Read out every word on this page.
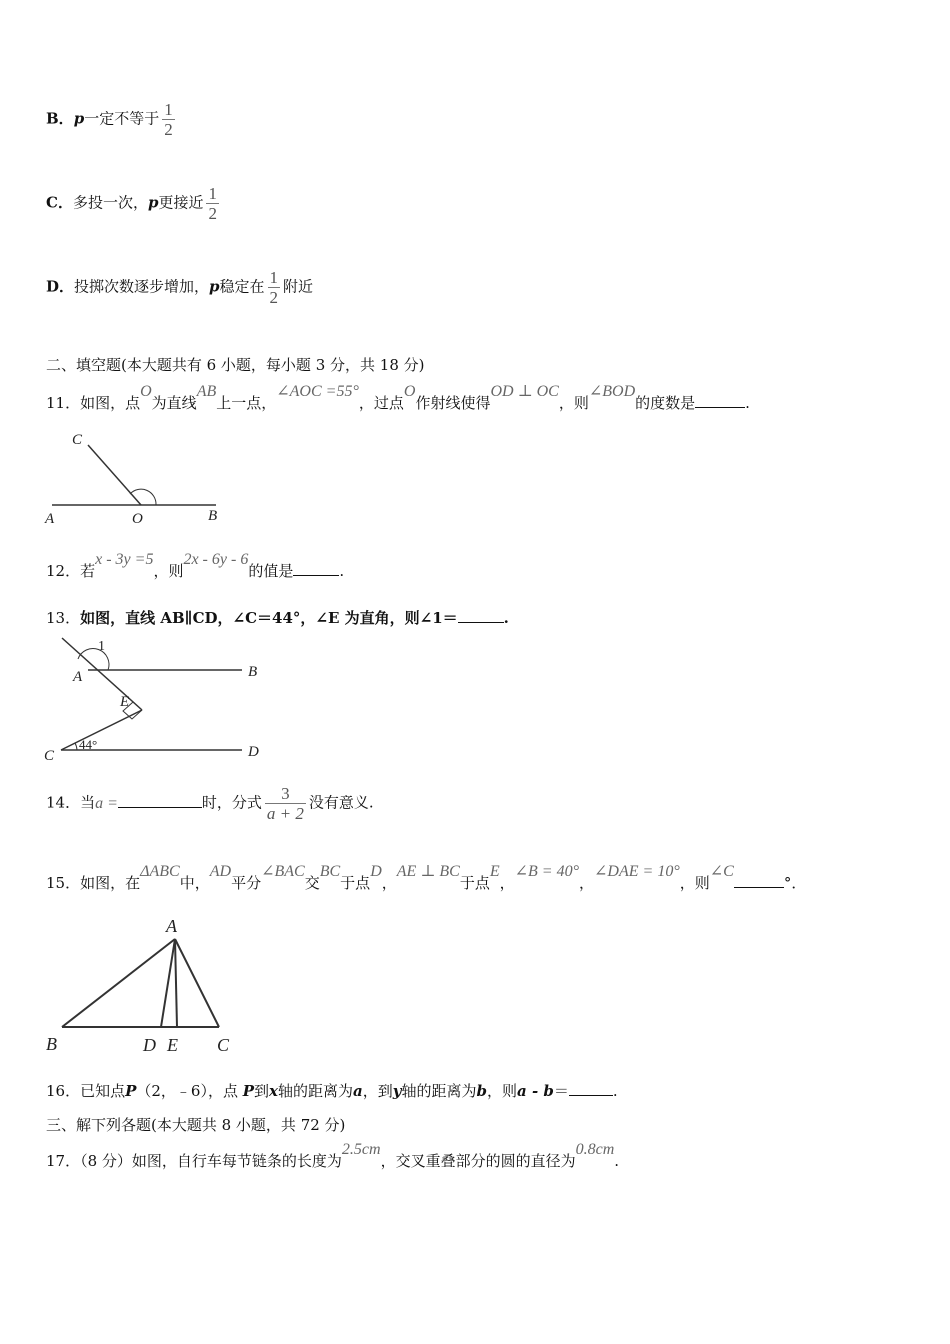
B．p一定不等于 $\frac{1}{2}$
C．多投一次，p更接近 $\frac{1}{2}$
D．投掷次数逐步增加，p稳定在 $\frac{1}{2}$ 附近
二、填空题(本大题共有 6 小题，每小题 3 分，共 18 分)
11．如图，点O为直线AB上一点，∠AOC =55°，过点O作射线使得OD ⊥ OC，则∠BOD的度数是	.
C
A	O	B
12．若x - 3y =5，则2x - 6y - 6的值是	.
13．如图，直线 AB∥CD，∠C＝44°，∠E 为直角，则∠1＝	.
1
A	B
E
C
44°	D
14．当a =	时，分式 $\frac{3}{a + 2}$ 没有意义.
15．如图，在ΔABC中，AD平分∠BAC交BC于点D，AE ⊥ BC于点E，∠B = 40°，∠DAE = 10°，则∠C°．
A
B	D E C
16．已知点P（2，﹣6），点 P到x轴的距离为a，到y轴的距离为b，则a - b＝	.
三、解下列各题(本大题共 8 小题，共 72 分)
17．（8 分）如图，自行车每节链条的长度为2.5cm，交叉重叠部分的圆的直径为0.8cm.
